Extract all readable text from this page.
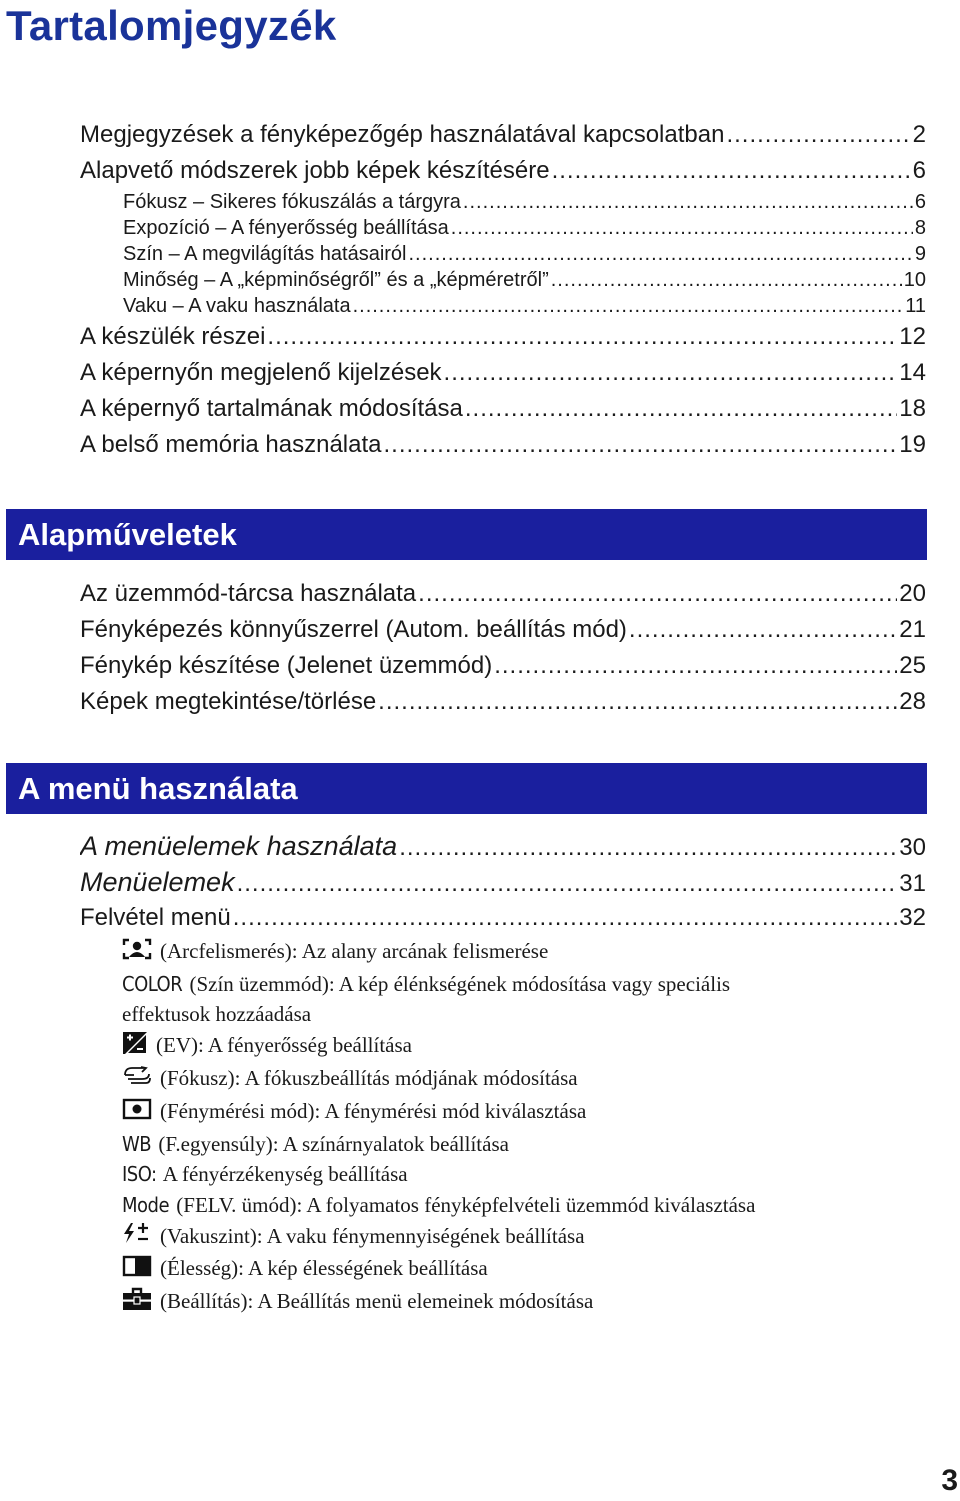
Tartalomjegyzék
Megjegyzések a fényképezőgép használatával kapcsolatban .....	2
Alapvető módszerek jobb képek készítésére .....	6
Fókusz – Sikeres fókuszálás a tárgyra .....	6
Expozíció – A fényerősség beállítása .....	8
Szín – A megvilágítás hatásairól .....	9
Minőség – A „képminőségről” és a „képméretről” .....	10
Vaku – A vaku használata .....	11
A készülék részei .....	12
A képernyőn megjelenő kijelzések .....	14
A képernyő tartalmának módosítása .....	18
A belső memória használata .....	19
Alapműveletek
Az üzemmód-tárcsa használata .....	20
Fényképezés könnyűszerrel (Autom. beállítás mód) .....	21
Fénykép készítése (Jelenet üzemmód) .....	25
Képek megtekintése/törlése .....	28
A menü használata
A menüelemek használata .....	30
Menüelemek .....	31
Felvétel menü .....	32
(Arcfelismerés): Az alany arcának felismerése
COLOR (Szín üzemmód): A kép élénkségének módosítása vagy speciális
effektusok hozzáadása
(EV): A fényerősség beállítása
(Fókusz): A fókuszbeállítás módjának módosítása
(Fénymérési mód): A fénymérési mód kiválasztása
WB (F.egyensúly): A színárnyalatok beállítása
ISO: A fényérzékenység beállítása
Mode (FELV. ümód): A folyamatos fényképfelvételi üzemmód kiválasztása
(Vakuszint): A vaku fénymennyiségének beállítása
(Élesség): A kép élességének beállítása
(Beállítás): A Beállítás menü elemeinek módosítása
3
